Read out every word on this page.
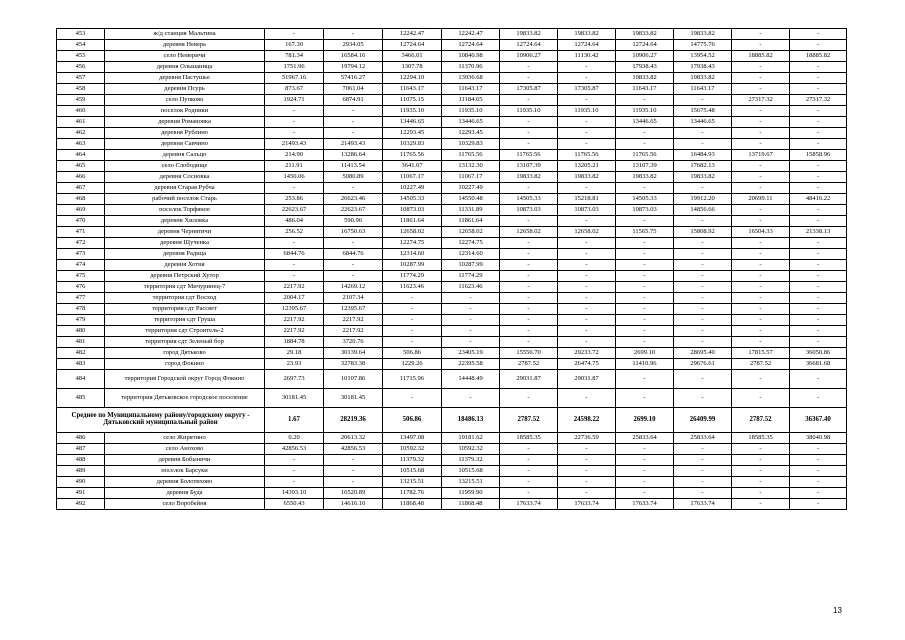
453	ж/д станция Мальтина	-	-	12242.47	12242.47	19833.82	19833.82	19833.82	19833.82	-	-
454	деревня Неверь	167.30	2934.05	12724.64	12724.64	12724.64	12724.64	12724.64	14775.76	-	-
455	село Немеричи	781.34	16584.16	3466.01	10840.98	10906.27	11130.42	10906.27	13954.52	18885.82	18885.82
456	деревня Ольшаница	1751.96	19794.12	1307.78	11370.96	-	-	17938.43	17938.43	-	-
457	деревня Пастушье	51967.16	57416.27	12294.10	13936.68	-	-	19833.82	19833.82	-	-
458	деревня Псурь	873.67	7061.04	11643.17	11643.17	17305.87	17305.87	11643.17	11643.17	-	-
459	село Пупково	1924.71	6874.91	11075.15	11184.65	-	-	-	-	27317.32	27317.32
460	поселок Родники	-	-	11935.10	11935.10	11935.10	11935.10	11935.10	15675.48	-	-
461	деревня Романовка	-	-	13446.65	13446.65	-	-	13446.65	13446.65	-	-
462	деревня Рублино	-	-	12293.45	12293.45	-	-	-	-	-	-
463	деревня Савчино	21493.43	21493.43	10329.83	10329.83	-	-	-	-	-	-
464	деревня Сальцо	214.90	13286.64	11765.56	11765.56	11765.56	11765.56	11765.56	16484.93	13719.67	15858.96
465	село Слободище	211.91	11413.54	3641.07	13132.30	13107.39	13205.21	13107.39	17682.13	-	-
466	деревня Сосновка	1450.06	5080.89	11067.17	11067.17	19833.82	19833.82	19833.82	19833.82	-	-
467	деревня Старая Рубча	-	-	10227.49	10227.49	-	-	-	-	-	-
468	рабочий поселок Старь	253.86	26623.46	14505.33	14550.48	14505.33	15218.81	14505.33	19912.20	20699.11	48416.22
469	поселок Торфяное	22623.67	22623.67	10873.03	11331.89	10873.03	10873.03	10873.03	14856.66	-	-
470	деревня Хиловка	486.04	590.96	11861.64	11861.64	-	-	-	-	-	-
471	деревня Чернятичи	256.52	16750.63	12658.02	12658.02	12658.02	12658.02	11565.75	15808.92	16504.33	21338.13
472	деревня Щученка	-	-	12274.75	12274.75	-	-	-	-	-	-
473	деревня Радица	6844.76	6844.76	12314.60	12314.60	-	-	-	-	-	-
474	деревня Хотня	-	-	10287.99	10287.99	-	-	-	-	-	-
475	деревня Петрский Хутор	-	-	11774.29	11774.29	-	-	-	-	-	-
476	территория сдт Мичуринец-7	2217.92	14269.12	11623.46	11623.46	-	-	-	-	-	-
477	территория сдт Восход	2004.17	2107.34	-	-	-	-	-	-	-	-
478	территория сдт Рассвет	12395.67	12395.67	-	-	-	-	-	-	-	-
479	территория сдт Груша	2217.92	2217.92	-	-	-	-	-	-	-	-
480	территория сдт Строитель-2	2217.92	2217.92	-	-	-	-	-	-	-	-
481	территория сдт Зеленый бор	1884.78	3720.76	-	-	-	-	-	-	-	-
482	город Дятьково	29.18	30139.64	506.86	23405.19	15556.70	29233.72	2699.10	28695.40	17815.57	36050.86
483	город Фокино	23.93	32783.38	1229.26	22395.58	2787.52	26474.75	11410.96	29676.61	2787.52	36681.68
484	территория Городской округ Город Фокино	2697.73	10107.86	11715.96	14448.49	29031.87	29031.87	-	-	-	-
485	территория Дятьковское городское поселение	30181.45	30181.45	-	-	-	-	-	-	-	-
Среднее по Муниципальному району/городскому округу - Дятьковский муниципальный район		1.67	28219.36	506.86	18486.13	2787.52	24598.22	2699.10	26409.99	2787.52	36367.40
486	село Жирятино	0.20	20613.32	13497.08	19181.62	18585.35	22736.59	25833.64	25833.64	18585.35	38040.98
487	село Анохово	42856.53	42856.53	10592.32	10592.32	-	-	-	-	-	-
488	деревня Бобыничи	-	-	11379.32	11379.32	-	-	-	-	-	-
489	поселок Барсуки	-	-	10515.68	10515.68	-	-	-	-	-	-
490	деревня Болотихово	-	-	13215.51	13215.51	-	-	-	-	-	-
491	деревня Буда	14393.10	16520.89	11782.76	11959.90	-	-	-	-	-	-
492	село Воробейня	6550.43	14616.10	11868.48	11868.48	17633.74	17633.74	17633.74	17633.74	-	-
13
